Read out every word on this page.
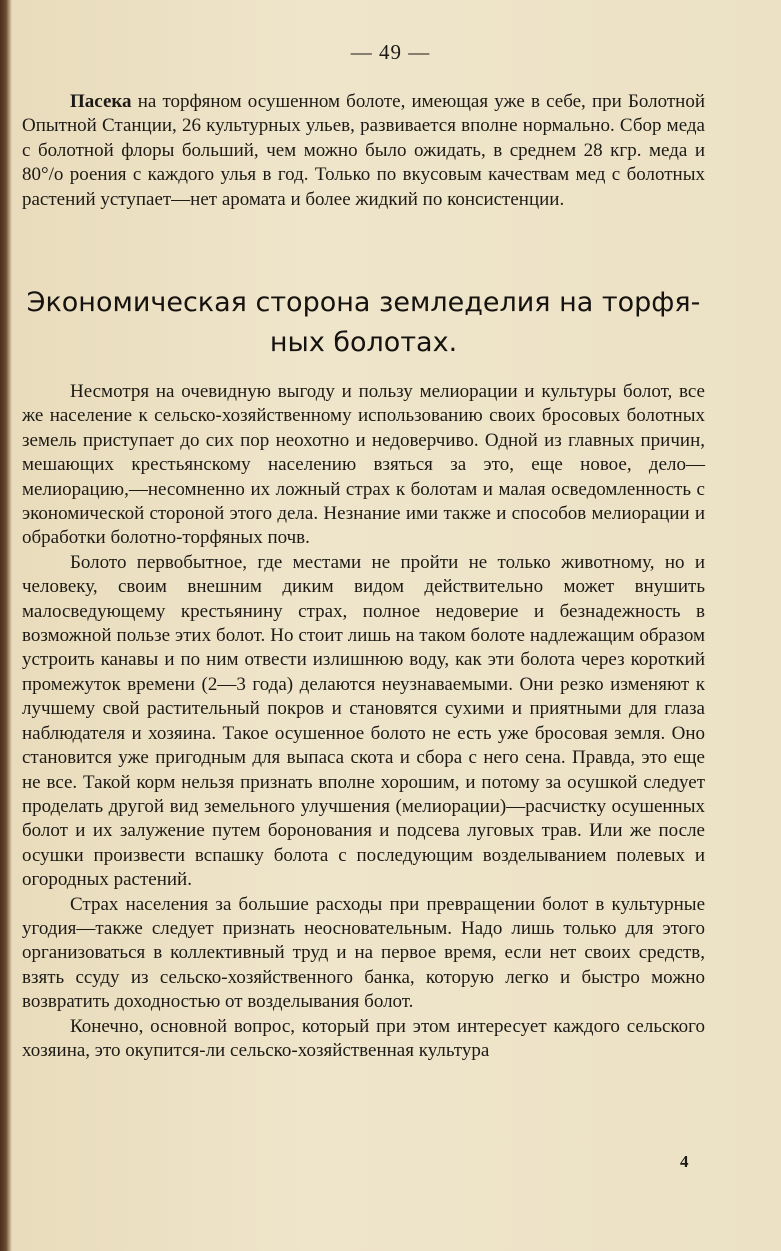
— 49 —

Пасека на торфяном осушенном болоте, имеющая уже в себе, при Болотной Опытной Станции, 26 культурных ульев, развивается вполне нормально. Сбор меда с болотной флоры больший, чем можно было ожидать, в среднем 28 кгр. меда и 80°/о роения с каждого улья в год. Только по вкусовым качествам мед с болотных растений уступает—нет аромата и более жидкий по консистенции.

Экономическая сторона земледелия на торфя-
ных болотах.

Несмотря на очевидную выгоду и пользу мелиорации и культуры болот, все же население к сельско-хозяйственному использованию своих бросовых болотных земель приступает до сих пор неохотно и недоверчиво. Одной из главных причин, мешающих крестьянскому населению взяться за это, еще новое, дело—мелиорацию,—несомненно их ложный страх к болотам и малая осведомленность с экономической стороной этого дела. Незнание ими также и способов мелиорации и обработки болотно-торфяных почв.

Болото первобытное, где местами не пройти не только животному, но и человеку, своим внешним диким видом действительно может внушить малосведующему крестьянину страх, полное недоверие и безнадежность в возможной пользе этих болот. Но стоит лишь на таком болоте надлежащим образом устроить канавы и по ним отвести излишнюю воду, как эти болота через короткий промежуток времени (2—3 года) делаются неузнаваемыми. Они резко изменяют к лучшему свой растительный покров и становятся сухими и приятными для глаза наблюдателя и хозяина. Такое осушенное болото не есть уже бросовая земля. Оно становится уже пригодным для выпаса скота и сбора с него сена. Правда, это еще не все. Такой корм нельзя признать вполне хорошим, и потому за осушкой следует проделать другой вид земельного улучшения (мелиорации)—расчистку осушенных болот и их залужение путем боронования и подсева луговых трав. Или же после осушки произвести вспашку болота с последующим возделыванием полевых и огородных растений.

Страх населения за большие расходы при превращении болот в культурные угодия—также следует признать неосновательным. Надо лишь только для этого организоваться в коллективный труд и на первое время, если нет своих средств, взять ссуду из сельско-хозяйственного банка, которую легко и быстро можно возвратить доходностью от возделывания болот.

Конечно, основной вопрос, который при этом интересует каждого сельского хозяина, это окупится-ли сельско-хозяйственная культура

4
